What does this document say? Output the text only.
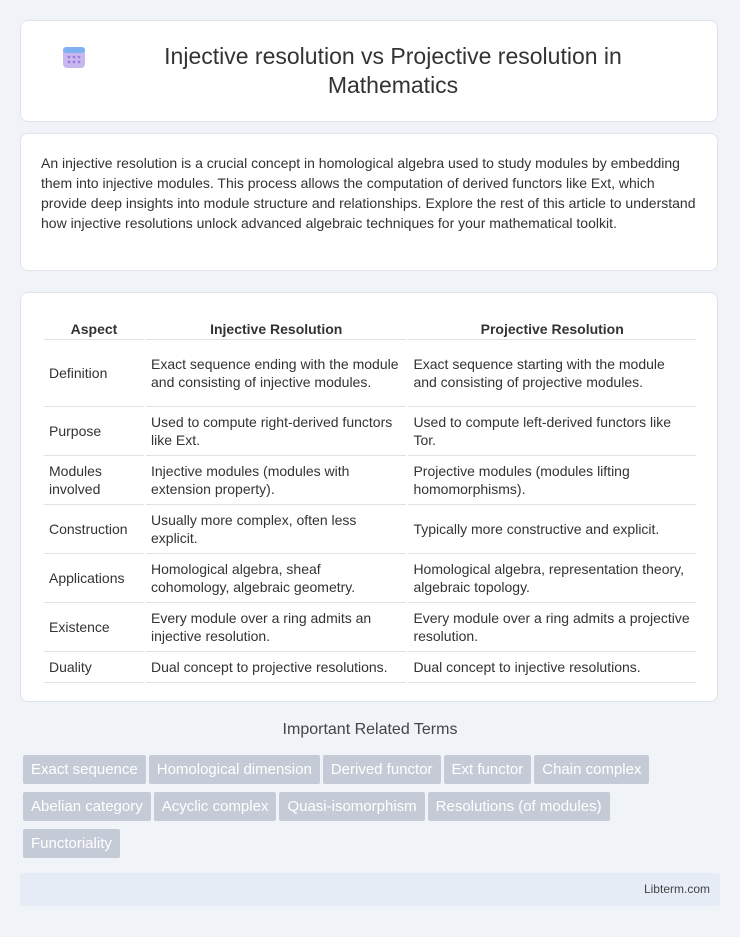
Injective resolution vs Projective resolution in Mathematics

An injective resolution is a crucial concept in homological algebra used to study modules by embedding them into injective modules. This process allows the computation of derived functors like Ext, which provide deep insights into module structure and relationships. Explore the rest of this article to understand how injective resolutions unlock advanced algebraic techniques for your mathematical toolkit.

Aspect	Injective Resolution	Projective Resolution
Definition	Exact sequence ending with the module and consisting of injective modules.	Exact sequence starting with the module and consisting of projective modules.
Purpose	Used to compute right-derived functors like Ext.	Used to compute left-derived functors like Tor.
Modules involved	Injective modules (modules with extension property).	Projective modules (modules lifting homomorphisms).
Construction	Usually more complex, often less explicit.	Typically more constructive and explicit.
Applications	Homological algebra, sheaf cohomology, algebraic geometry.	Homological algebra, representation theory, algebraic topology.
Existence	Every module over a ring admits an injective resolution.	Every module over a ring admits a projective resolution.
Duality	Dual concept to projective resolutions.	Dual concept to injective resolutions.
Important Related Terms
Exact sequence Homological dimension Derived functor Ext functor Chain complex
Abelian category Acyclic complex Quasi-isomorphism Resolutions (of modules)
Functoriality
Libterm.com
